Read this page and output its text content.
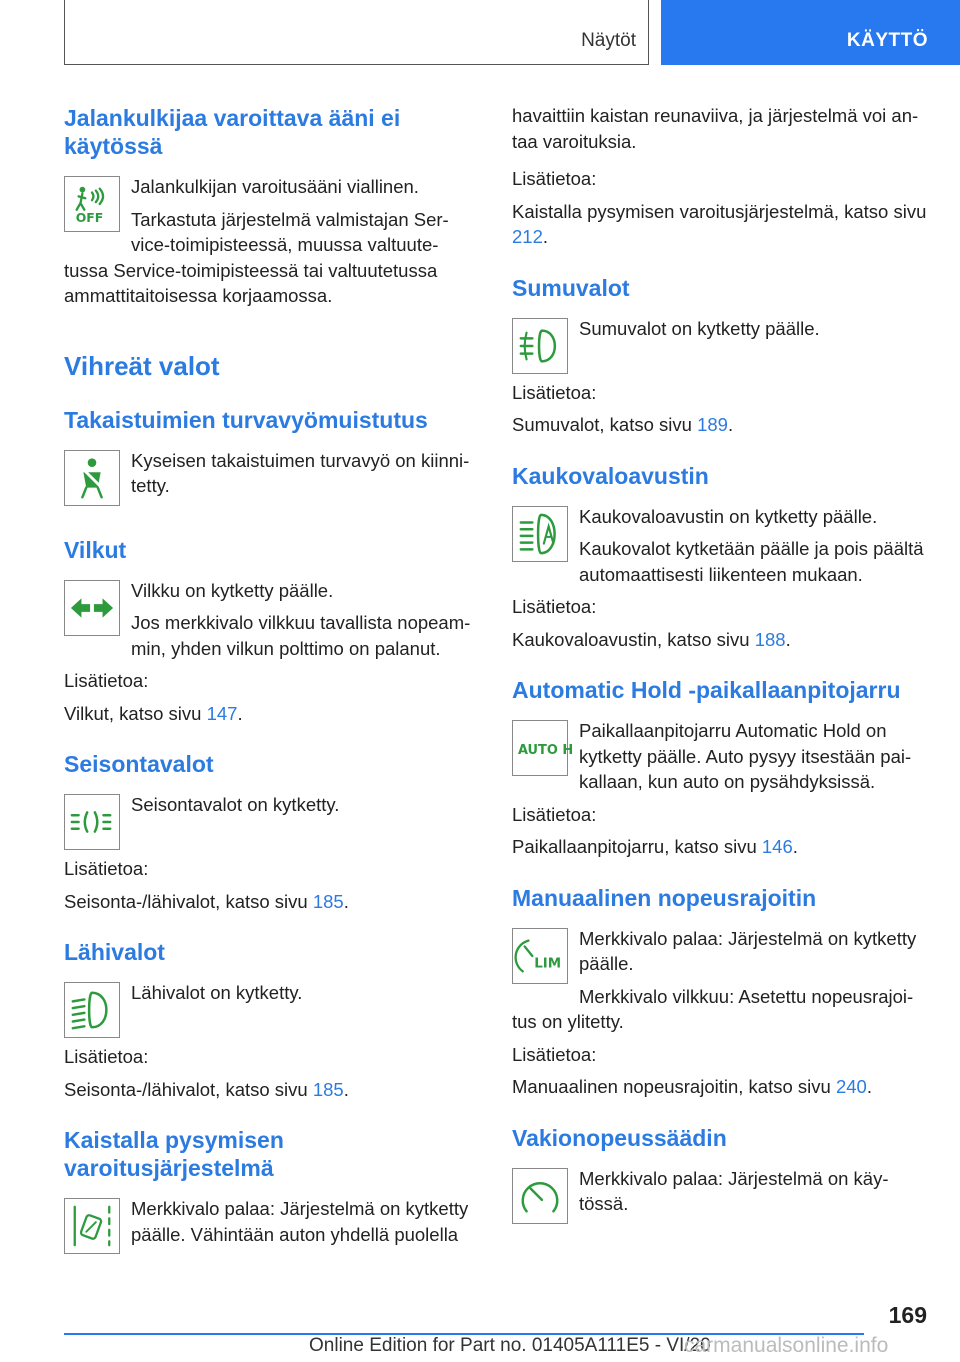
Näytöt	KÄYTTÖ
Jalankulkijaa varoittava ääni ei käytössä
OFF

Jalankulkijan varoitusääni viallinen.

Tarkastuta järjestelmä valmistajan Ser-vice-toimipisteessä, muussa valtuute-tussa Service-toimipisteessä tai valtuutetussa ammattitaitoisessa korjaamossa.

Vihreät valot
Takaistuimien turvavyömuistutus

Kyseisen takaistuimen turvavyö on kiinni-tetty.

Vilkut

Vilkku on kytketty päälle.

Jos merkkivalo vilkkuu tavallista nopeam-min, yhden vilkun polttimo on palanut.

Lisätietoa:

Vilkut, katso sivu 147.

Seisontavalot

Seisontavalot on kytketty.

Lisätietoa:

Seisonta-/lähivalot, katso sivu 185.

Lähivalot

Lähivalot on kytketty.

Lisätietoa:

Seisonta-/lähivalot, katso sivu 185.

Kaistalla pysymisen varoitusjärjestelmä

Merkkivalo palaa: Järjestelmä on kytketty päälle. Vähintään auton yhdellä puolella

havaittiin kaistan reunaviiva, ja järjestelmä voi an-taa varoituksia.

Lisätietoa:

Kaistalla pysymisen varoitusjärjestelmä, katso sivu 212.

Sumuvalot

Sumuvalot on kytketty päälle.

Lisätietoa:

Sumuvalot, katso sivu 189.

Kaukovaloavustin

Kaukovaloavustin on kytketty päälle.

Kaukovalot kytketään päälle ja pois päältä automaattisesti liikenteen mukaan.

Lisätietoa:

Kaukovaloavustin, katso sivu 188.

Automatic Hold -paikallaanpitojarru
AUTO H

Paikallaanpitojarru Automatic Hold on kytketty päälle. Auto pysyy itsestään pai-kallaan, kun auto on pysähdyksissä.

Lisätietoa:

Paikallaanpitojarru, katso sivu 146.

Manuaalinen nopeusrajoitin
LIM

Merkkivalo palaa: Järjestelmä on kytketty päälle.

Merkkivalo vilkkuu: Asetettu nopeusrajoi-tus on ylitetty.

Lisätietoa:

Manuaalinen nopeusrajoitin, katso sivu 240.

Vakionopeussäädin

Merkkivalo palaa: Järjestelmä on käy-tössä.

169
Online Edition for Part no. 01405A111E5 - VI/20
carmanualsonline.info
